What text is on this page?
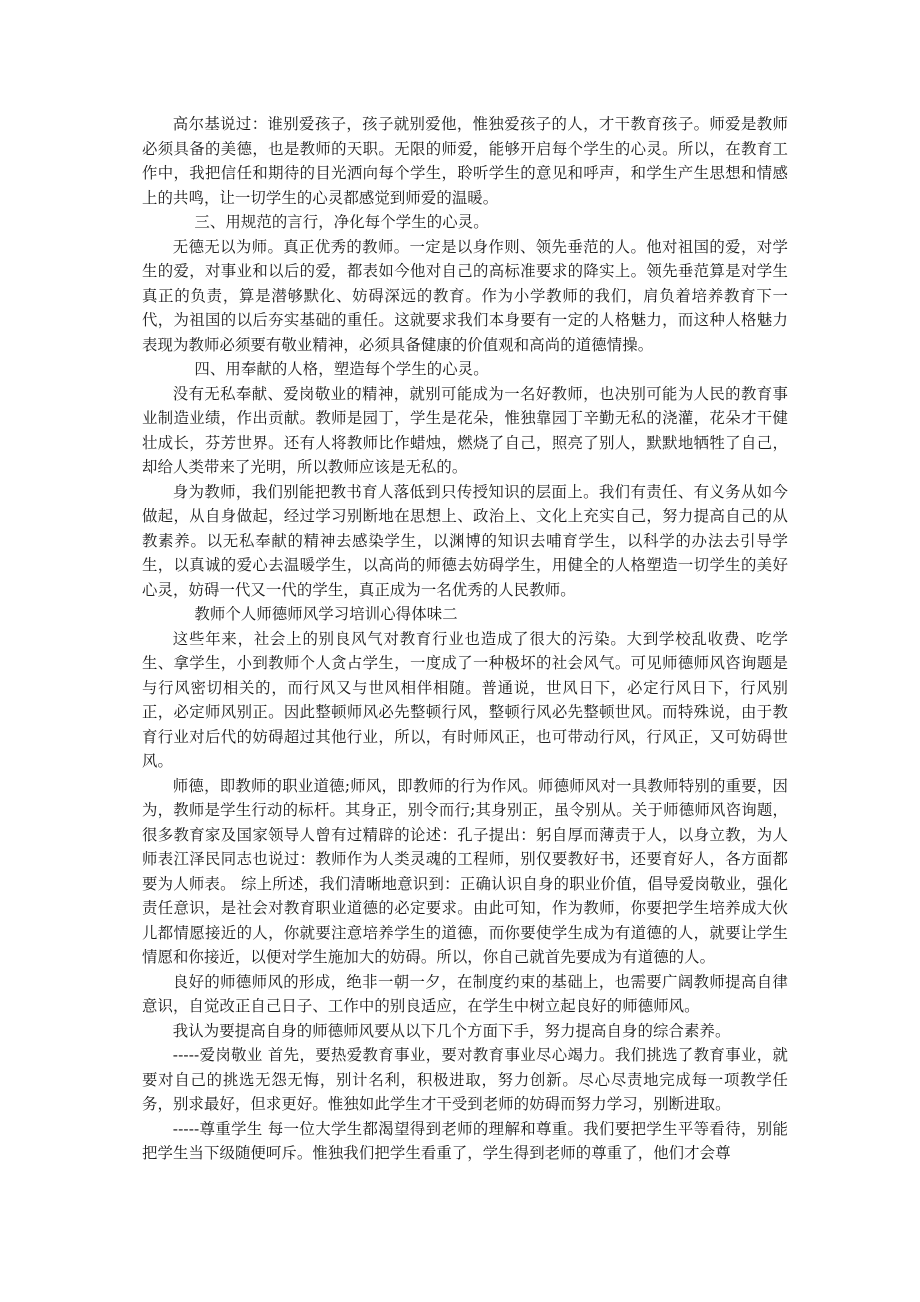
高尔基说过：谁别爱孩子，孩子就别爱他，惟独爱孩子的人，才干教育孩子。师爱是教师必须具备的美德，也是教师的天职。无限的师爱，能够开启每个学生的心灵。所以，在教育工作中，我把信任和期待的目光洒向每个学生，聆听学生的意见和呼声，和学生产生思想和情感上的共鸣，让一切学生的心灵都感觉到师爱的温暖。

三、用规范的言行，净化每个学生的心灵。

无德无以为师。真正优秀的教师。一定是以身作则、领先垂范的人。他对祖国的爱，对学生的爱，对事业和以后的爱，都表如今他对自己的高标准要求的降实上。领先垂范算是对学生真正的负责，算是潜够默化、妨碍深远的教育。作为小学教师的我们，肩负着培养教育下一代，为祖国的以后夯实基础的重任。这就要求我们本身要有一定的人格魅力，而这种人格魅力表现为教师必须要有敬业精神，必须具备健康的价值观和高尚的道德情操。

四、用奉献的人格，塑造每个学生的心灵。

没有无私奉献、爱岗敬业的精神，就别可能成为一名好教师，也决别可能为人民的教育事业制造业绩，作出贡献。教师是园丁，学生是花朵，惟独靠园丁辛勤无私的浇灌，花朵才干健壮成长，芬芳世界。还有人将教师比作蜡烛，燃烧了自己，照亮了别人，默默地牺牲了自己，却给人类带来了光明，所以教师应该是无私的。

身为教师，我们别能把教书育人落低到只传授知识的层面上。我们有责任、有义务从如今做起，从自身做起，经过学习别断地在思想上、政治上、文化上充实自己，努力提高自己的从教素养。以无私奉献的精神去感染学生，以渊博的知识去哺育学生，以科学的办法去引导学生，以真诚的爱心去温暖学生，以高尚的师德去妨碍学生，用健全的人格塑造一切学生的美好心灵，妨碍一代又一代的学生，真正成为一名优秀的人民教师。

教师个人师德师风学习培训心得体味二

这些年来，社会上的别良风气对教育行业也造成了很大的污染。大到学校乱收费、吃学生、拿学生，小到教师个人贪占学生，一度成了一种极坏的社会风气。可见师德师风咨询题是与行风密切相关的，而行风又与世风相伴相随。普通说，世风日下，必定行风日下，行风别正，必定师风别正。因此整顿师风必先整顿行风，整顿行风必先整顿世风。而特殊说，由于教育行业对后代的妨碍超过其他行业，所以，有时师风正，也可带动行风，行风正，又可妨碍世风。

师德，即教师的职业道德;师风，即教师的行为作风。师德师风对一具教师特别的重要，因为，教师是学生行动的标杆。其身正，别令而行;其身别正，虽令别从。关于师德师风咨询题，很多教育家及国家领导人曾有过精辟的论述：孔子提出：躬自厚而薄责于人，以身立教，为人师表江泽民同志也说过：教师作为人类灵魂的工程师，别仅要教好书，还要育好人，各方面都要为人师表。 综上所述，我们清晰地意识到：正确认识自身的职业价值，倡导爱岗敬业，强化责任意识，是社会对教育职业道德的必定要求。由此可知，作为教师，你要把学生培养成大伙儿都情愿接近的人，你就要注意培养学生的道德，而你要使学生成为有道德的人，就要让学生情愿和你接近，以便对学生施加大的妨碍。所以，你自己就首先要成为有道德的人。

良好的师德师风的形成，绝非一朝一夕，在制度约束的基础上，也需要广阔教师提高自律意识，自觉改正自己日子、工作中的别良适应，在学生中树立起良好的师德师风。

我认为要提高自身的师德师风要从以下几个方面下手，努力提高自身的综合素养。

-----爱岗敬业 首先，要热爱教育事业，要对教育事业尽心竭力。我们挑选了教育事业，就要对自己的挑选无怨无悔，别计名利，积极进取，努力创新。尽心尽责地完成每一项教学任务，别求最好，但求更好。惟独如此学生才干受到老师的妨碍而努力学习，别断进取。

-----尊重学生 每一位大学生都渴望得到老师的理解和尊重。我们要把学生平等看待，别能把学生当下级随便呵斥。惟独我们把学生看重了，学生得到老师的尊重了，他们才会尊
